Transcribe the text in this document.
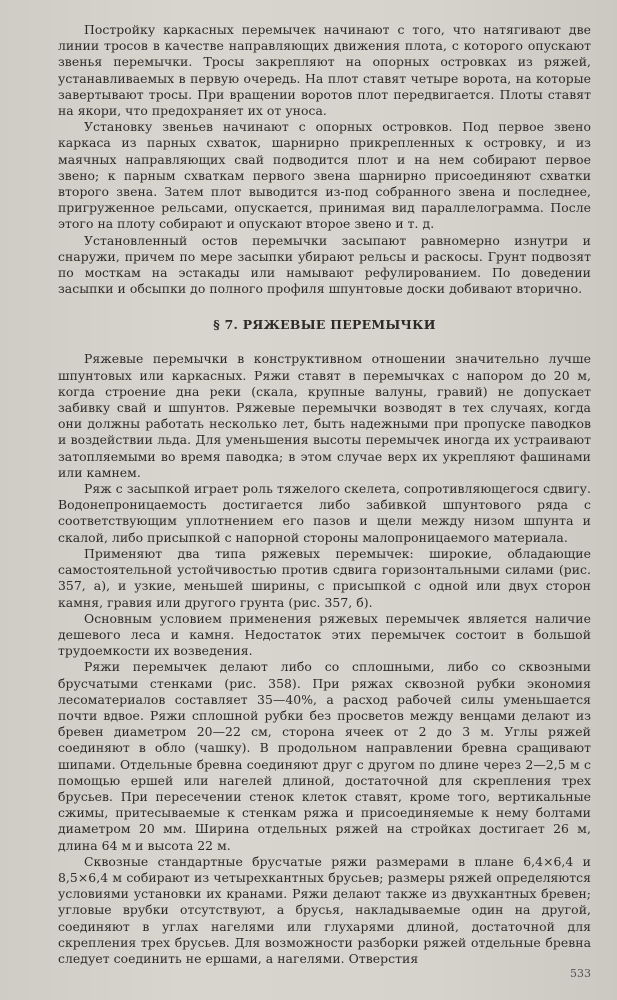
Постройку каркасных перемычек начинают с того, что натягивают две линии тросов в качестве направляющих движения плота, с которого опускают звенья перемычки. Тросы закрепляют на опорных островках из ряжей, устанавливаемых в первую очередь. На плот ставят четыре ворота, на которые завертывают тросы. При вращении воротов плот передвигается. Плоты ставят на якори, что предохраняет их от уноса.

Установку звеньев начинают с опорных островков. Под первое звено каркаса из парных схваток, шарнирно прикрепленных к островку, и из маячных направляющих свай подводится плот и на нем собирают первое звено; к парным схваткам первого звена шарнирно присоединяют схватки второго звена. Затем плот выводится из-под собранного звена и последнее, пригруженное рельсами, опускается, принимая вид параллелограмма. После этого на плоту собирают и опускают второе звено и т. д.

Установленный остов перемычки засыпают равномерно изнутри и снаружи, причем по мере засыпки убирают рельсы и раскосы. Грунт подвозят по мосткам на эстакады или намывают рефулированием. По доведении засыпки и обсыпки до полного профиля шпунтовые доски добивают вторично.

§ 7. РЯЖЕВЫЕ ПЕРЕМЫЧКИ

Ряжевые перемычки в конструктивном отношении значительно лучше шпунтовых или каркасных. Ряжи ставят в перемычках с напором до 20 м, когда строение дна реки (скала, крупные валуны, гравий) не допускает забивку свай и шпунтов. Ряжевые перемычки возводят в тех случаях, когда они должны работать несколько лет, быть надежными при пропуске паводков и воздействии льда. Для уменьшения высоты перемычек иногда их устраивают затопляемыми во время паводка; в этом случае верх их укрепляют фашинами или камнем.

Ряж с засыпкой играет роль тяжелого скелета, сопротивляющегося сдвигу. Водонепроницаемость достигается либо забивкой шпунтового ряда с соответствующим уплотнением его пазов и щели между низом шпунта и скалой, либо присыпкой с напорной стороны малопроницаемого материала.

Применяют два типа ряжевых перемычек: широкие, обладающие самостоятельной устойчивостью против сдвига горизонтальными силами (рис. 357, а), и узкие, меньшей ширины, с присыпкой с одной или двух сторон камня, гравия или другого грунта (рис. 357, б).

Основным условием применения ряжевых перемычек является наличие дешевого леса и камня. Недостаток этих перемычек состоит в большой трудоемкости их возведения.

Ряжи перемычек делают либо со сплошными, либо со сквозными брусчатыми стенками (рис. 358). При ряжах сквозной рубки экономия лесоматериалов составляет 35—40%, а расход рабочей силы уменьшается почти вдвое. Ряжи сплошной рубки без просветов между венцами делают из бревен диаметром 20—22 см, сторона ячеек от 2 до 3 м. Углы ряжей соединяют в обло (чашку). В продольном направлении бревна сращивают шипами. Отдельные бревна соединяют друг с другом по длине через 2—2,5 м с помощью ершей или нагелей длиной, достаточной для скрепления трех брусьев. При пересечении стенок клеток ставят, кроме того, вертикальные сжимы, притесываемые к стенкам ряжа и присоединяемые к нему болтами диаметром 20 мм. Ширина отдельных ряжей на стройках достигает 26 м, длина 64 м и высота 22 м.

Сквозные стандартные брусчатые ряжи размерами в плане 6,4×6,4 и 8,5×6,4 м собирают из четырехкантных брусьев; размеры ряжей определяются условиями установки их кранами. Ряжи делают также из двухкантных бревен; угловые врубки отсутствуют, а брусья, накладываемые один на другой, соединяют в углах нагелями или глухарями длиной, достаточной для скрепления трех брусьев. Для возможности разборки ряжей отдельные бревна следует соединить не ершами, а нагелями. Отверстия

533
